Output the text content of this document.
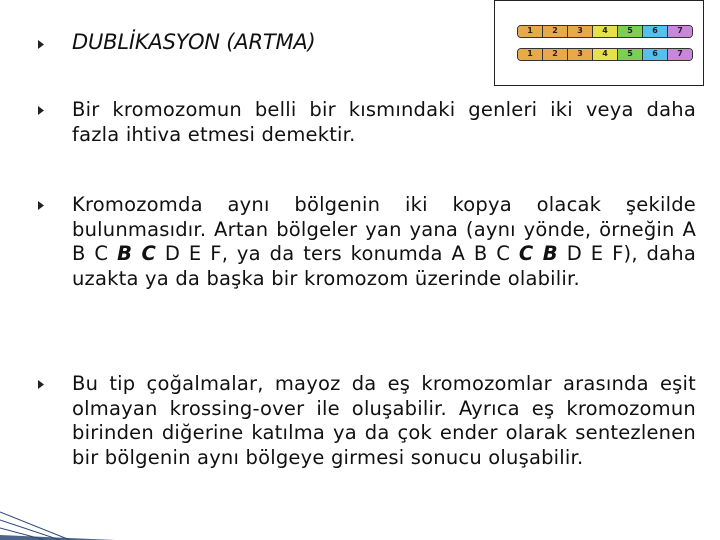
1	2	3	4	5	6	7
1	2	3	4	5	6	7
DUBLİKASYON (ARTMA)
Bir kromozomun belli bir kısmındaki genleri iki veya daha fazla ihtiva etmesi demektir.
Kromozomda aynı bölgenin iki kopya olacak şekilde bulunmasıdır. Artan bölgeler yan yana (aynı yönde, örneğin A B C B C D E F, ya da ters konumda A B C C B D E F), daha uzakta ya da başka bir kromozom üzerinde olabilir.
Bu tip çoğalmalar, mayoz da eş kromozomlar arasında eşit olmayan krossing-over ile oluşabilir. Ayrıca eş kromozomun birinden diğerine katılma ya da çok ender olarak sentezlenen bir bölgenin aynı bölgeye girmesi sonucu oluşabilir.
